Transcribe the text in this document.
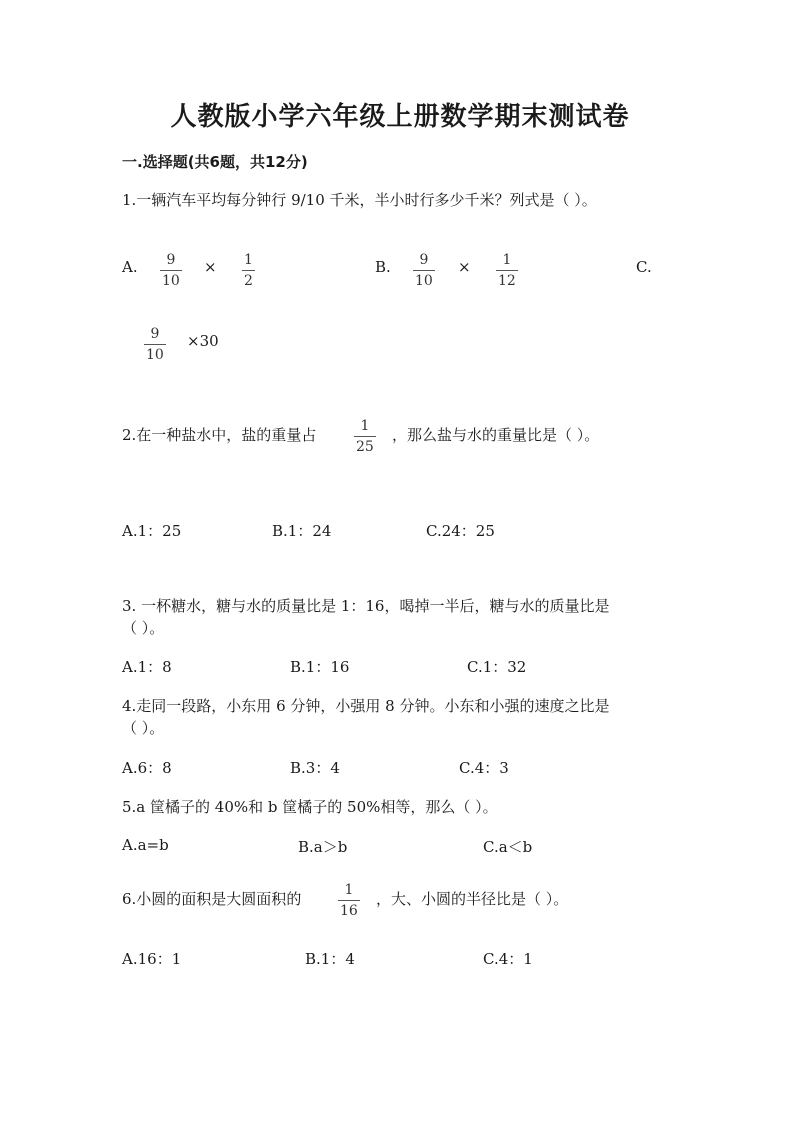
人教版小学六年级上册数学期末测试卷
一.选择题(共6题，共12分)
1.一辆汽车平均每分钟行 9/10 千米，半小时行多少千米？列式是（ ）。
A. 9
10
× 1
2
B. 9
10
× 1
12
C.
9
10
×30
2.在一种盐水中，盐的重量占	1
25
，那么盐与水的重量比是（ ）。
A.1：25	B.1：24	C.24：25
3. 一杯糖水，糖与水的质量比是 1：16，喝掉一半后，糖与水的质量比是
（ ）。
A.1：8	B.1：16	C.1：32
4.走同一段路，小东用 6 分钟，小强用 8 分钟。小东和小强的速度之比是
（ ）。
A.6：8	B.3：4	C.4：3
5.a 筐橘子的 40%和 b 筐橘子的 50%相等，那么（ ）。
A.a=b	B.a＞b	C.a＜b
6.小圆的面积是大圆面积的	1
16
，大、小圆的半径比是（ ）。
A.16：1	B.1：4	C.4：1
